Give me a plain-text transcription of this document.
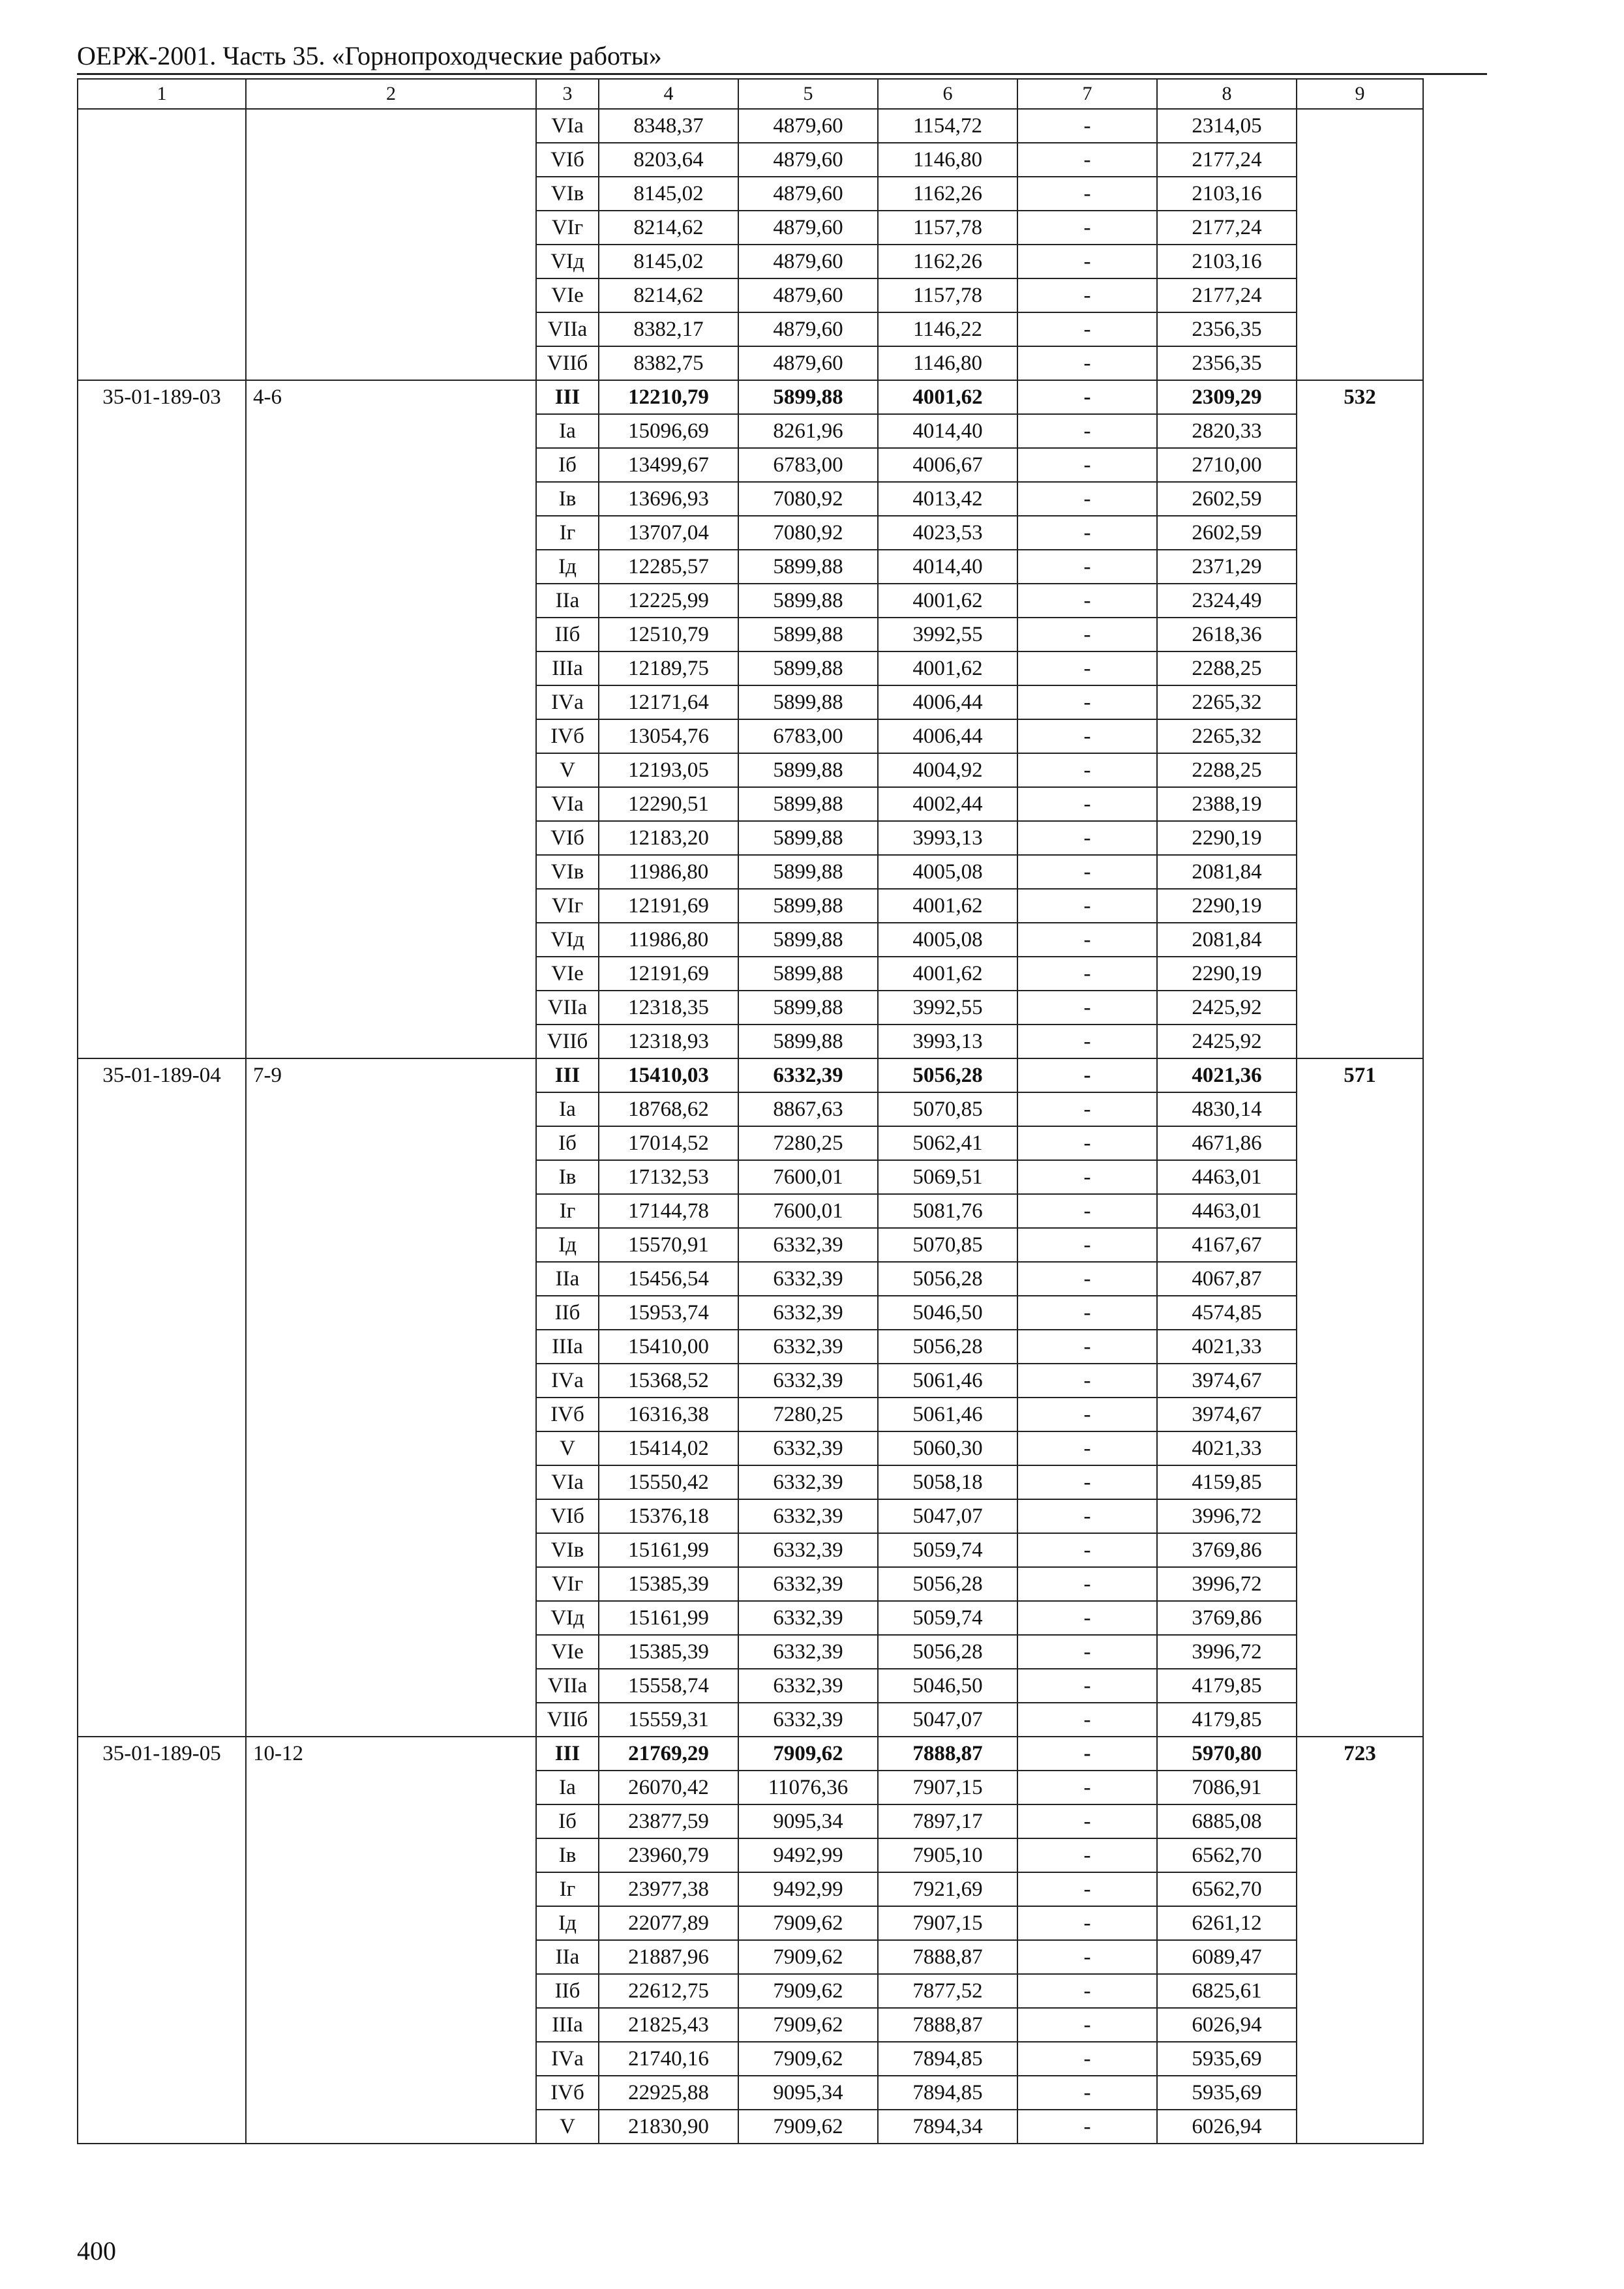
ОЕРЖ-2001. Часть 35. «Горнопроходческие работы»
1	2	3	4	5	6	7	8	9
		VIа	8348,37	4879,60	1154,72	-	2314,05	
		VIб	8203,64	4879,60	1146,80	-	2177,24	
		VIв	8145,02	4879,60	1162,26	-	2103,16	
		VIг	8214,62	4879,60	1157,78	-	2177,24	
		VIд	8145,02	4879,60	1162,26	-	2103,16	
		VIе	8214,62	4879,60	1157,78	-	2177,24	
		VIIа	8382,17	4879,60	1146,22	-	2356,35	
		VIIб	8382,75	4879,60	1146,80	-	2356,35	
35-01-189-03	4-6	III	12210,79	5899,88	4001,62	-	2309,29	532
		Iа	15096,69	8261,96	4014,40	-	2820,33	
		Iб	13499,67	6783,00	4006,67	-	2710,00	
		Iв	13696,93	7080,92	4013,42	-	2602,59	
		Iг	13707,04	7080,92	4023,53	-	2602,59	
		Iд	12285,57	5899,88	4014,40	-	2371,29	
		IIа	12225,99	5899,88	4001,62	-	2324,49	
		IIб	12510,79	5899,88	3992,55	-	2618,36	
		IIIа	12189,75	5899,88	4001,62	-	2288,25	
		IVа	12171,64	5899,88	4006,44	-	2265,32	
		IVб	13054,76	6783,00	4006,44	-	2265,32	
		V	12193,05	5899,88	4004,92	-	2288,25	
		VIа	12290,51	5899,88	4002,44	-	2388,19	
		VIб	12183,20	5899,88	3993,13	-	2290,19	
		VIв	11986,80	5899,88	4005,08	-	2081,84	
		VIг	12191,69	5899,88	4001,62	-	2290,19	
		VIд	11986,80	5899,88	4005,08	-	2081,84	
		VIе	12191,69	5899,88	4001,62	-	2290,19	
		VIIа	12318,35	5899,88	3992,55	-	2425,92	
		VIIб	12318,93	5899,88	3993,13	-	2425,92	
35-01-189-04	7-9	III	15410,03	6332,39	5056,28	-	4021,36	571
		Iа	18768,62	8867,63	5070,85	-	4830,14	
		Iб	17014,52	7280,25	5062,41	-	4671,86	
		Iв	17132,53	7600,01	5069,51	-	4463,01	
		Iг	17144,78	7600,01	5081,76	-	4463,01	
		Iд	15570,91	6332,39	5070,85	-	4167,67	
		IIа	15456,54	6332,39	5056,28	-	4067,87	
		IIб	15953,74	6332,39	5046,50	-	4574,85	
		IIIа	15410,00	6332,39	5056,28	-	4021,33	
		IVа	15368,52	6332,39	5061,46	-	3974,67	
		IVб	16316,38	7280,25	5061,46	-	3974,67	
		V	15414,02	6332,39	5060,30	-	4021,33	
		VIа	15550,42	6332,39	5058,18	-	4159,85	
		VIб	15376,18	6332,39	5047,07	-	3996,72	
		VIв	15161,99	6332,39	5059,74	-	3769,86	
		VIг	15385,39	6332,39	5056,28	-	3996,72	
		VIд	15161,99	6332,39	5059,74	-	3769,86	
		VIе	15385,39	6332,39	5056,28	-	3996,72	
		VIIа	15558,74	6332,39	5046,50	-	4179,85	
		VIIб	15559,31	6332,39	5047,07	-	4179,85	
35-01-189-05	10-12	III	21769,29	7909,62	7888,87	-	5970,80	723
		Iа	26070,42	11076,36	7907,15	-	7086,91	
		Iб	23877,59	9095,34	7897,17	-	6885,08	
		Iв	23960,79	9492,99	7905,10	-	6562,70	
		Iг	23977,38	9492,99	7921,69	-	6562,70	
		Iд	22077,89	7909,62	7907,15	-	6261,12	
		IIа	21887,96	7909,62	7888,87	-	6089,47	
		IIб	22612,75	7909,62	7877,52	-	6825,61	
		IIIа	21825,43	7909,62	7888,87	-	6026,94	
		IVа	21740,16	7909,62	7894,85	-	5935,69	
		IVб	22925,88	9095,34	7894,85	-	5935,69	
		V	21830,90	7909,62	7894,34	-	6026,94	
400
